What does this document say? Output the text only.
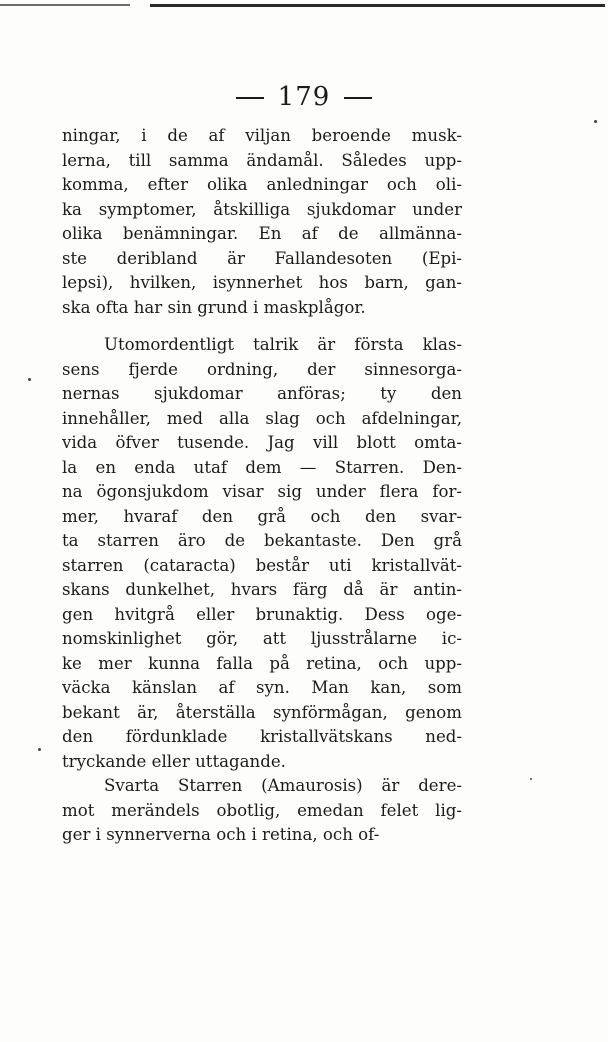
179
ningar, i de af viljan beroende musk-
lerna, till samma ändamål. Således upp-
komma, efter olika anledningar och oli-
ka symptomer, åtskilliga sjukdomar under
olika benämningar. En af de allmänna-
ste deribland är Fallandesoten (Epi-
lepsi), hvilken, isynnerhet hos barn, gan-
ska ofta har sin grund i maskplågor.
Utomordentligt talrik är första klas-
sens fjerde ordning, der sinnesorga-
nernas sjukdomar anföras; ty den
innehåller, med alla slag och afdelningar,
vida öfver tusende. Jag vill blott omta-
la en enda utaf dem — Starren. Den-
na ögonsjukdom visar sig under flera for-
mer, hvaraf den grå och den svar-
ta starren äro de bekantaste. Den grå
starren (cataracta) består uti kristallvät-
skans dunkelhet, hvars färg då är antin-
gen hvitgrå eller brunaktig. Dess oge-
nomskinlighet gör, att ljusstrålarne ic-
ke mer kunna falla på retina, och upp-
väcka känslan af syn. Man kan, som
bekant är, återställa synförmågan, genom
den fördunklade kristallvätskans ned-
tryckande eller uttagande.
Svarta Starren (Amaurosis) är dere-
mot merändels obotlig, emedan felet lig-
ger i synnerverna och i retina, och of-
